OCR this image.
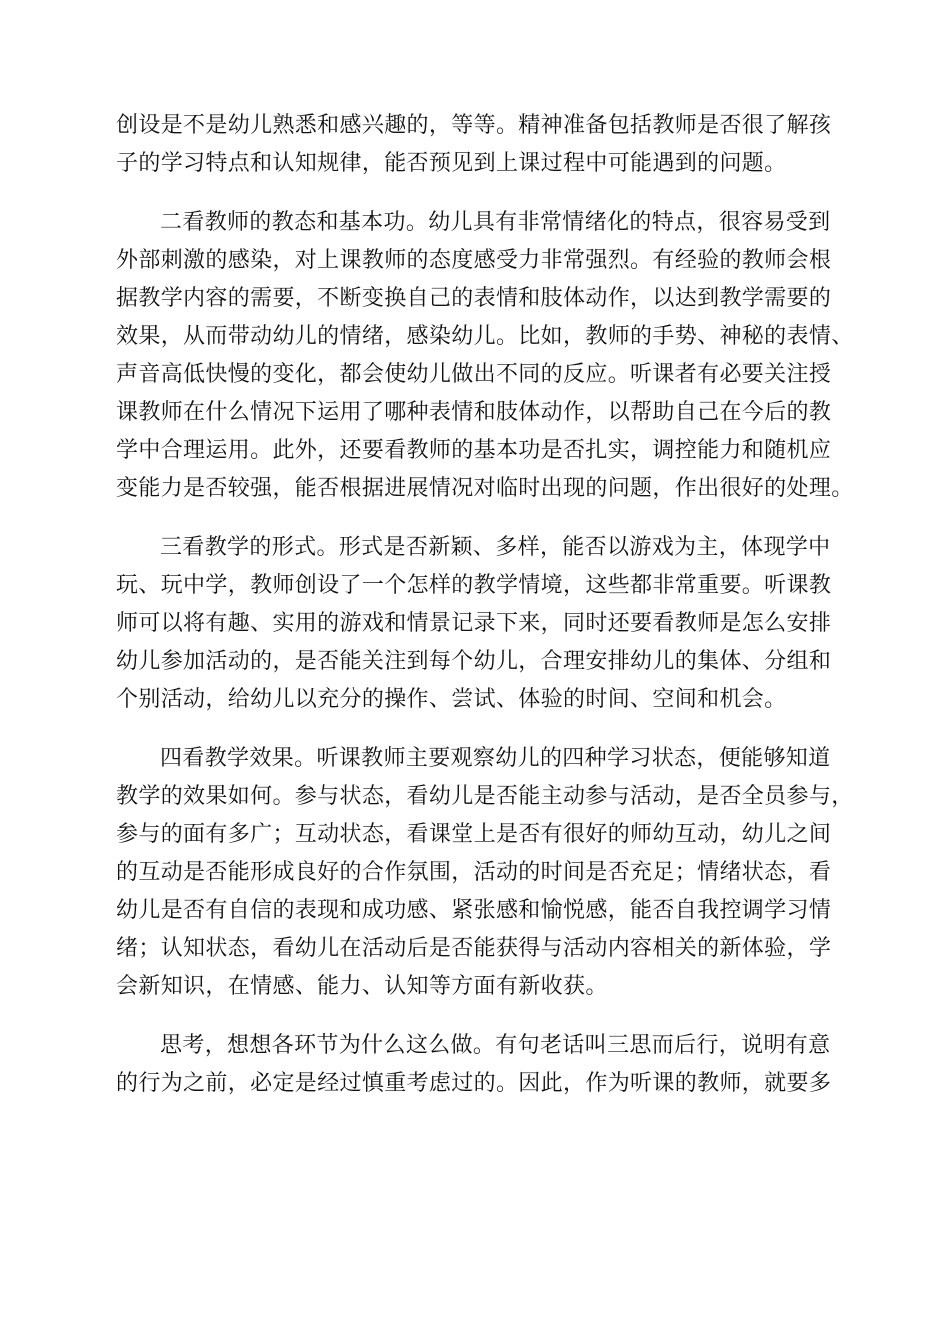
创设是不是幼儿熟悉和感兴趣的，等等。精神准备包括教师是否很了解孩
子的学习特点和认知规律，能否预见到上课过程中可能遇到的问题。

二看教师的教态和基本功。幼儿具有非常情绪化的特点，很容易受到
外部刺激的感染，对上课教师的态度感受力非常强烈。有经验的教师会根
据教学内容的需要，不断变换自己的表情和肢体动作，以达到教学需要的
效果，从而带动幼儿的情绪，感染幼儿。比如，教师的手势、神秘的表情、
声音高低快慢的变化，都会使幼儿做出不同的反应。听课者有必要关注授
课教师在什么情况下运用了哪种表情和肢体动作，以帮助自己在今后的教
学中合理运用。此外，还要看教师的基本功是否扎实，调控能力和随机应
变能力是否较强，能否根据进展情况对临时出现的问题，作出很好的处理。

三看教学的形式。形式是否新颖、多样，能否以游戏为主，体现学中
玩、玩中学，教师创设了一个怎样的教学情境，这些都非常重要。听课教
师可以将有趣、实用的游戏和情景记录下来，同时还要看教师是怎么安排
幼儿参加活动的，是否能关注到每个幼儿，合理安排幼儿的集体、分组和
个别活动，给幼儿以充分的操作、尝试、体验的时间、空间和机会。

四看教学效果。听课教师主要观察幼儿的四种学习状态，便能够知道
教学的效果如何。参与状态，看幼儿是否能主动参与活动，是否全员参与，
参与的面有多广；互动状态，看课堂上是否有很好的师幼互动，幼儿之间
的互动是否能形成良好的合作氛围，活动的时间是否充足；情绪状态，看
幼儿是否有自信的表现和成功感、紧张感和愉悦感，能否自我控调学习情
绪；认知状态，看幼儿在活动后是否能获得与活动内容相关的新体验，学
会新知识，在情感、能力、认知等方面有新收获。

思考，想想各环节为什么这么做。有句老话叫三思而后行，说明有意
的行为之前，必定是经过慎重考虑过的。因此，作为听课的教师，就要多
